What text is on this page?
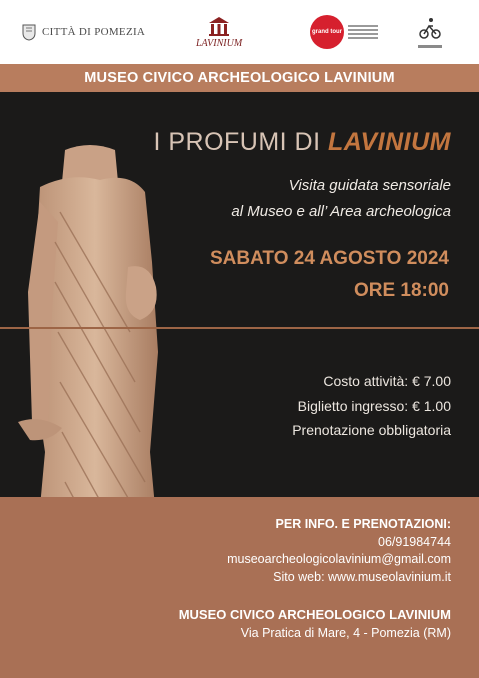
CITTÀ DI POMEZIA
LAVINIUM
grand tour
MUSEO CIVICO ARCHEOLOGICO LAVINIUM
I PROFUMI DI LAVINIUM
Visita guidata sensoriale
al Museo e all’ Area archeologica
SABATO 24 AGOSTO 2024
ORE 18:00
Costo attività: € 7.00
Biglietto ingresso: € 1.00
Prenotazione obbligatoria
PER INFO. E PRENOTAZIONI:
06/91984744
museoarcheologicolavinium@gmail.com
Sito web: www.museolavinium.it
MUSEO CIVICO ARCHEOLOGICO LAVINIUM
Via Pratica di Mare, 4 - Pomezia (RM)
